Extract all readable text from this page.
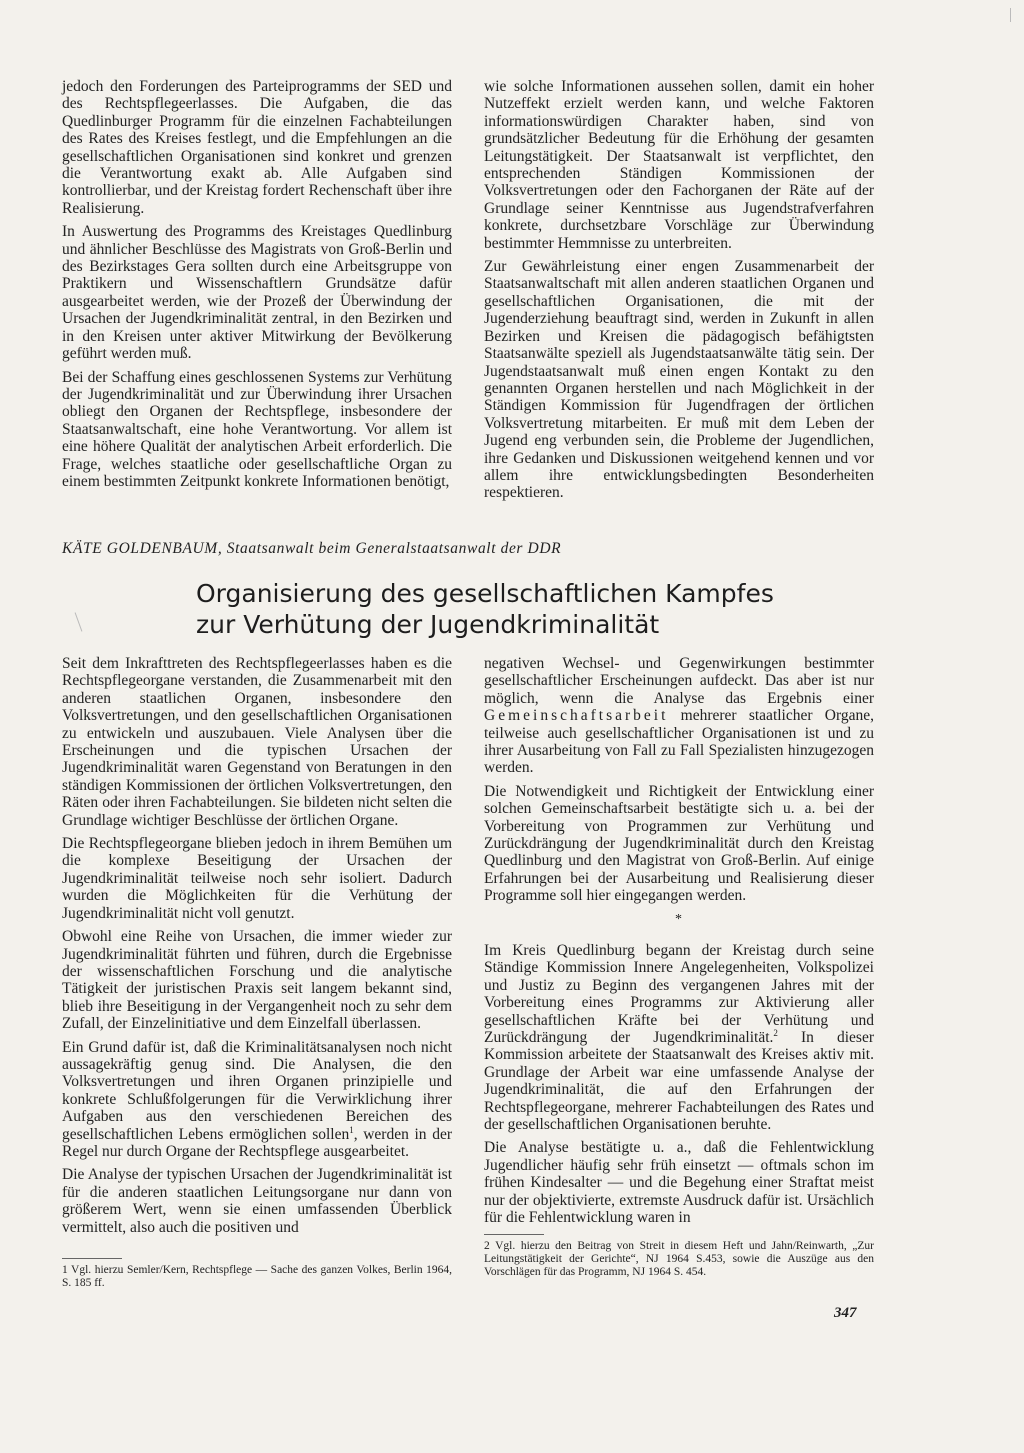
jedoch den Forderungen des Parteiprogramms der SED und des Rechtspflegeerlasses. Die Aufgaben, die das Quedlinburger Programm für die einzelnen Fachabteilungen des Rates des Kreises festlegt, und die Empfehlungen an die gesellschaftlichen Organisationen sind konkret und grenzen die Verantwortung exakt ab. Alle Aufgaben sind kontrollierbar, und der Kreistag fordert Rechenschaft über ihre Realisierung.

In Auswertung des Programms des Kreistages Quedlinburg und ähnlicher Beschlüsse des Magistrats von Groß-Berlin und des Bezirkstages Gera sollten durch eine Arbeitsgruppe von Praktikern und Wissenschaftlern Grundsätze dafür ausgearbeitet werden, wie der Prozeß der Überwindung der Ursachen der Jugendkriminalität zentral, in den Bezirken und in den Kreisen unter aktiver Mitwirkung der Bevölkerung geführt werden muß.

Bei der Schaffung eines geschlossenen Systems zur Verhütung der Jugendkriminalität und zur Überwindung ihrer Ursachen obliegt den Organen der Rechtspflege, insbesondere der Staatsanwaltschaft, eine hohe Verantwortung. Vor allem ist eine höhere Qualität der analytischen Arbeit erforderlich. Die Frage, welches staatliche oder gesellschaftliche Organ zu einem bestimmten Zeitpunkt konkrete Informationen benötigt,

wie solche Informationen aussehen sollen, damit ein hoher Nutzeffekt erzielt werden kann, und welche Faktoren informationswürdigen Charakter haben, sind von grundsätzlicher Bedeutung für die Erhöhung der gesamten Leitungstätigkeit. Der Staatsanwalt ist verpflichtet, den entsprechenden Ständigen Kommissionen der Volksvertretungen oder den Fachorganen der Räte auf der Grundlage seiner Kenntnisse aus Jugendstrafverfahren konkrete, durchsetzbare Vorschläge zur Überwindung bestimmter Hemmnisse zu unterbreiten.

Zur Gewährleistung einer engen Zusammenarbeit der Staatsanwaltschaft mit allen anderen staatlichen Organen und gesellschaftlichen Organisationen, die mit der Jugenderziehung beauftragt sind, werden in Zukunft in allen Bezirken und Kreisen die pädagogisch befähigtsten Staatsanwälte speziell als Jugendstaatsanwälte tätig sein. Der Jugendstaatsanwalt muß einen engen Kontakt zu den genannten Organen herstellen und nach Möglichkeit in der Ständigen Kommission für Jugendfragen der örtlichen Volksvertretung mitarbeiten. Er muß mit dem Leben der Jugend eng verbunden sein, die Probleme der Jugendlichen, ihre Gedanken und Diskussionen weitgehend kennen und vor allem ihre entwicklungsbedingten Besonderheiten respektieren.

KÄTE GOLDENBAUM, Staatsanwalt beim Generalstaatsanwalt der DDR
Organisierung des gesellschaftlichen Kampfes
zur Verhütung der Jugendkriminalität

Seit dem Inkrafttreten des Rechtspflegeerlasses haben es die Rechtspflegeorgane verstanden, die Zusammenarbeit mit den anderen staatlichen Organen, insbesondere den Volksvertretungen, und den gesellschaftlichen Organisationen zu entwickeln und auszubauen. Viele Analysen über die Erscheinungen und die typischen Ursachen der Jugendkriminalität waren Gegenstand von Beratungen in den ständigen Kommissionen der örtlichen Volksvertretungen, den Räten oder ihren Fachabteilungen. Sie bildeten nicht selten die Grundlage wichtiger Beschlüsse der örtlichen Organe.

Die Rechtspflegeorgane blieben jedoch in ihrem Bemühen um die komplexe Beseitigung der Ursachen der Jugendkriminalität teilweise noch sehr isoliert. Dadurch wurden die Möglichkeiten für die Verhütung der Jugendkriminalität nicht voll genutzt.

Obwohl eine Reihe von Ursachen, die immer wieder zur Jugendkriminalität führten und führen, durch die Ergebnisse der wissenschaftlichen Forschung und die analytische Tätigkeit der juristischen Praxis seit langem bekannt sind, blieb ihre Beseitigung in der Vergangenheit noch zu sehr dem Zufall, der Einzelinitiative und dem Einzelfall überlassen.

Ein Grund dafür ist, daß die Kriminalitätsanalysen noch nicht aussagekräftig genug sind. Die Analysen, die den Volksvertretungen und ihren Organen prinzipielle und konkrete Schlußfolgerungen für die Verwirklichung ihrer Aufgaben aus den verschiedenen Bereichen des gesellschaftlichen Lebens ermöglichen sollen$^1$, werden in der Regel nur durch Organe der Rechtspflege ausgearbeitet.

Die Analyse der typischen Ursachen der Jugendkriminalität ist für die anderen staatlichen Leitungsorgane nur dann von größerem Wert, wenn sie einen umfassenden Überblick vermittelt, also auch die positiven und

negativen Wechsel- und Gegenwirkungen bestimmter gesellschaftlicher Erscheinungen aufdeckt. Das aber ist nur möglich, wenn die Analyse das Ergebnis einer Gemeinschaftsarbeit mehrerer staatlicher Organe, teilweise auch gesellschaftlicher Organisationen ist und zu ihrer Ausarbeitung von Fall zu Fall Spezialisten hinzugezogen werden.

Die Notwendigkeit und Richtigkeit der Entwicklung einer solchen Gemeinschaftsarbeit bestätigte sich u. a. bei der Vorbereitung von Programmen zur Verhütung und Zurückdrängung der Jugendkriminalität durch den Kreistag Quedlinburg und den Magistrat von Groß-Berlin. Auf einige Erfahrungen bei der Ausarbeitung und Realisierung dieser Programme soll hier eingegangen werden.

*

Im Kreis Quedlinburg begann der Kreistag durch seine Ständige Kommission Innere Angelegenheiten, Volkspolizei und Justiz zu Beginn des vergangenen Jahres mit der Vorbereitung eines Programms zur Aktivierung aller gesellschaftlichen Kräfte bei der Verhütung und Zurückdrängung der Jugendkriminalität.$^2$ In dieser Kommission arbeitete der Staatsanwalt des Kreises aktiv mit. Grundlage der Arbeit war eine umfassende Analyse der Jugendkriminalität, die auf den Erfahrungen der Rechtspflegeorgane, mehrerer Fachabteilungen des Rates und der gesellschaftlichen Organisationen beruhte.

Die Analyse bestätigte u. a., daß die Fehlentwicklung Jugendlicher häufig sehr früh einsetzt — oftmals schon im frühen Kindesalter — und die Begehung einer Straftat meist nur der objektivierte, extremste Ausdruck dafür ist. Ursächlich für die Fehlentwicklung waren in

1 Vgl. hierzu Semler/Kern, Rechtspflege — Sache des ganzen Volkes, Berlin 1964, S. 185 ff.
2 Vgl. hierzu den Beitrag von Streit in diesem Heft und Jahn/Reinwarth, „Zur Leitungstätigkeit der Gerichte“, NJ 1964 S.453, sowie die Auszüge aus den Vorschlägen für das Programm, NJ 1964 S. 454.
347
